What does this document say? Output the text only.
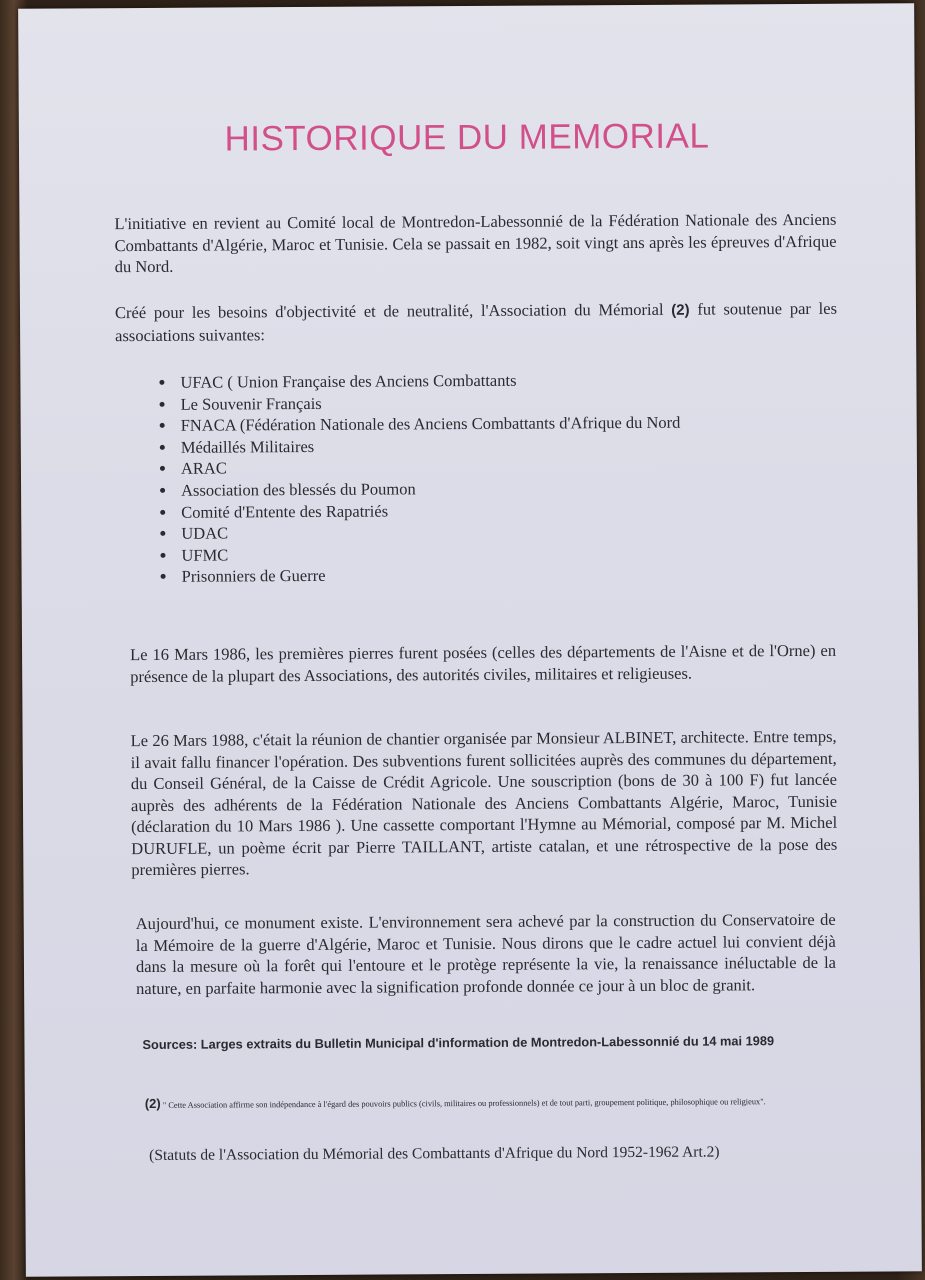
HISTORIQUE DU MEMORIAL

L'initiative en revient au Comité local de Montredon-Labessonnié de la Fédération Nationale des Anciens Combattants d'Algérie, Maroc et Tunisie. Cela se passait en 1982, soit vingt ans après les épreuves d'Afrique du Nord.

Créé pour les besoins d'objectivité et de neutralité, l'Association du Mémorial (2) fut soutenue par les associations suivantes:

• UFAC ( Union Française des Anciens Combattants
• Le Souvenir Français
• FNACA (Fédération Nationale des Anciens Combattants d'Afrique du Nord
• Médaillés Militaires
• ARAC
• Association des blessés du Poumon
• Comité d'Entente des Rapatriés
• UDAC
• UFMC
• Prisonniers de Guerre

Le 16 Mars 1986, les premières pierres furent posées (celles des départements de l'Aisne et de l'Orne) en présence de la plupart des Associations, des autorités civiles, militaires et religieuses.

Le 26 Mars 1988, c'était la réunion de chantier organisée par Monsieur ALBINET, architecte. Entre temps, il avait fallu financer l'opération. Des subventions furent sollicitées auprès des communes du département, du Conseil Général, de la Caisse de Crédit Agricole. Une souscription (bons de 30 à 100 F) fut lancée auprès des adhérents de la Fédération Nationale des Anciens Combattants Algérie, Maroc, Tunisie (déclaration du 10 Mars 1986 ). Une cassette comportant l'Hymne au Mémorial, composé par M. Michel DURUFLE, un poème écrit par Pierre TAILLANT, artiste catalan, et une rétrospective de la pose des premières pierres.

Aujourd'hui, ce monument existe. L'environnement sera achevé par la construction du Conservatoire de la Mémoire de la guerre d'Algérie, Maroc et Tunisie. Nous dirons que le cadre actuel lui convient déjà dans la mesure où la forêt qui l'entoure et le protège représente la vie, la renaissance inéluctable de la nature, en parfaite harmonie avec la signification profonde donnée ce jour à un bloc de granit.

Sources: Larges extraits du Bulletin Municipal d'information de Montredon-Labessonnié du 14 mai 1989

(2) " Cette Association affirme son indépendance à l'égard des pouvoirs publics (civils, militaires ou professionnels) et de tout parti, groupement politique, philosophique ou religieux".

(Statuts de l'Association du Mémorial des Combattants d'Afrique du Nord 1952-1962 Art.2)
